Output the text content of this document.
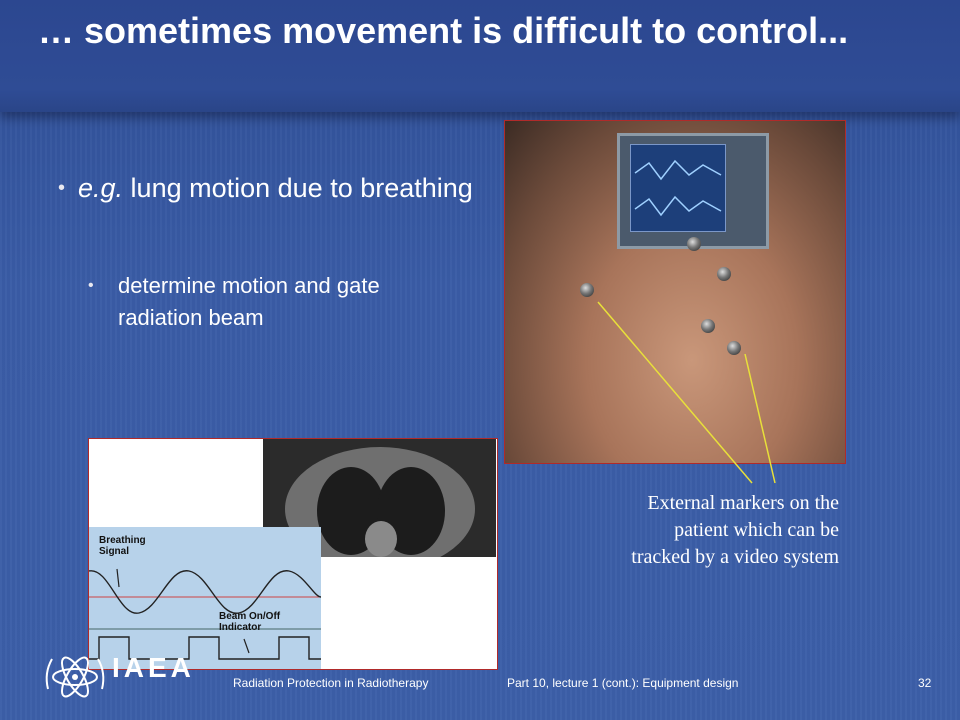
… sometimes movement is difficult to control...
• e.g. lung motion due to breathing
• determine motion and gate radiation beam
Breathing Signal
Beam On/Off Indicator
External markers on the patient which can be tracked by a video system
IAEA	Radiation Protection in Radiotherapy	Part 10, lecture 1 (cont.): Equipment design	32
